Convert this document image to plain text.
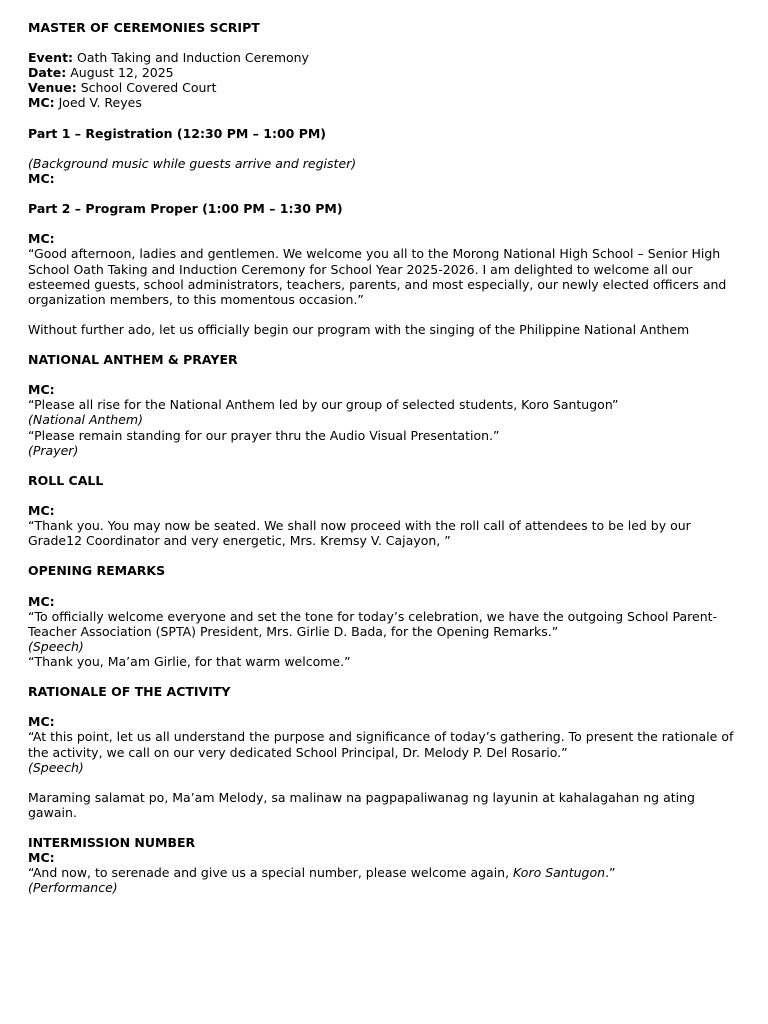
MASTER OF CEREMONIES SCRIPT

Event: Oath Taking and Induction Ceremony

Date: August 12, 2025

Venue: School Covered Court

MC: Joed V. Reyes

Part 1 – Registration (12:30 PM – 1:00 PM)

(Background music while guests arrive and register)

MC:

Part 2 – Program Proper (1:00 PM – 1:30 PM)

MC:

“Good afternoon, ladies and gentlemen. We welcome you all to the Morong National High School – Senior High School Oath Taking and Induction Ceremony for School Year 2025-2026. I am delighted to welcome all our esteemed guests, school administrators, teachers, parents, and most especially, our newly elected officers and organization members, to this momentous occasion.”

Without further ado, let us officially begin our program with the singing of the Philippine National Anthem

NATIONAL ANTHEM & PRAYER

MC:

“Please all rise for the National Anthem led by our group of selected students, Koro Santugon”

(National Anthem)

“Please remain standing for our prayer thru the Audio Visual Presentation.”

(Prayer)

ROLL CALL

MC:

“Thank you. You may now be seated. We shall now proceed with the roll call of attendees to be led by our Grade12 Coordinator and very energetic, Mrs. Kremsy V. Cajayon, ”

OPENING REMARKS

MC:

“To officially welcome everyone and set the tone for today’s celebration, we have the outgoing School Parent-Teacher Association (SPTA) President, Mrs. Girlie D. Bada, for the Opening Remarks.”

(Speech)

“Thank you, Ma’am Girlie, for that warm welcome.”

RATIONALE OF THE ACTIVITY

MC:

“At this point, let us all understand the purpose and significance of today’s gathering. To present the rationale of the activity, we call on our very dedicated School Principal, Dr. Melody P. Del Rosario.”

(Speech)

Maraming salamat po, Ma’am Melody, sa malinaw na pagpapaliwanag ng layunin at kahalagahan ng ating gawain.

INTERMISSION NUMBER

MC:

“And now, to serenade and give us a special number, please welcome again, Koro Santugon.”

(Performance)
